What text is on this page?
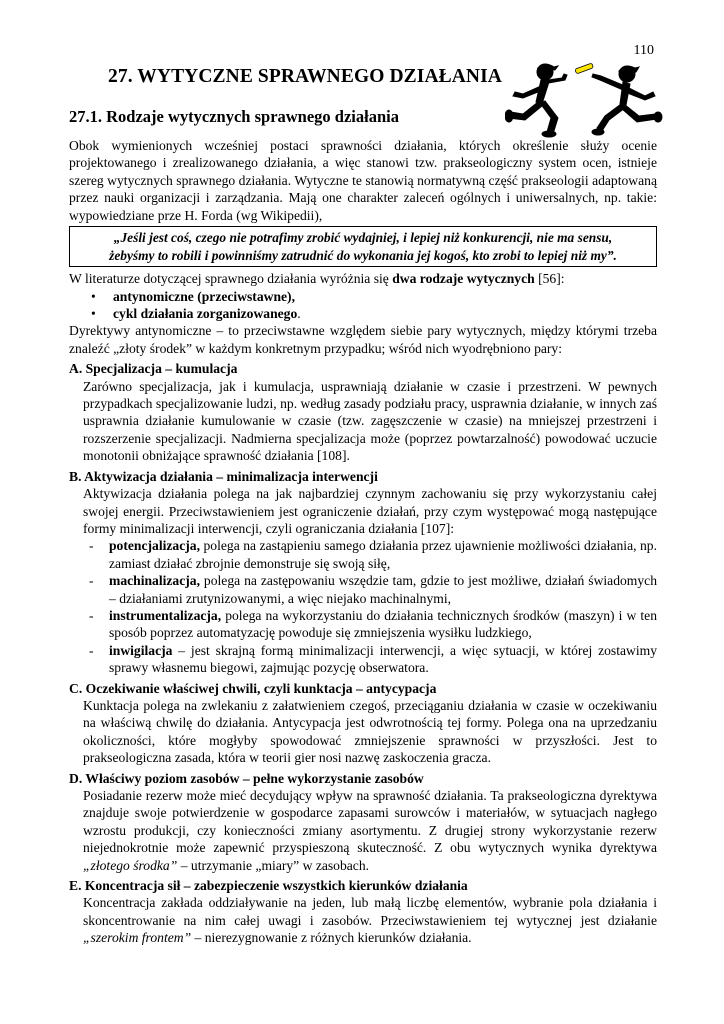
110
27. WYTYCZNE SPRAWNEGO DZIAŁANIA
27.1. Rodzaje wytycznych sprawnego działania

Obok wymienionych wcześniej postaci sprawności działania, których określenie służy ocenie projektowanego i zrealizowanego działania, a więc stanowi tzw. prakseologiczny system ocen, istnieje szereg wytycznych sprawnego działania. Wytyczne te stanowią normatywną część prakseologii adaptowaną przez nauki organizacji i zarządzania. Mają one charakter zaleceń ogólnych i uniwersalnych, np. takie: wypowiedziane prze H. Forda (wg Wikipedii),

„Jeśli jest coś, czego nie potrafimy zrobić wydajniej, i lepiej niż konkurencji, nie ma sensu,
żebyśmy to robili i powinniśmy zatrudnić do wykonania jej kogoś, kto zrobi to lepiej niż my”.

W literaturze dotyczącej sprawnego działania wyróżnia się dwa rodzaje wytycznych [56]:

• antynomiczne (przeciwstawne),
• cykl działania zorganizowanego.

Dyrektywy antynomiczne – to przeciwstawne względem siebie pary wytycznych, między którymi trzeba znaleźć „złoty środek” w każdym konkretnym przypadku; wśród nich wyodrębniono pary:

A. Specjalizacja – kumulacja

Zarówno specjalizacja, jak i kumulacja, usprawniają działanie w czasie i przestrzeni. W pewnych przypadkach specjalizowanie ludzi, np. według zasady podziału pracy, usprawnia działanie, w innych zaś usprawnia działanie kumulowanie w czasie (tzw. zagęszczenie w czasie) na mniejszej przestrzeni i rozszerzenie specjalizacji. Nadmierna specjalizacja może (poprzez powtarzalność) powodować uczucie monotonii obniżające sprawność działania [108].

B. Aktywizacja działania – minimalizacja interwencji

Aktywizacja działania polega na jak najbardziej czynnym zachowaniu się przy wykorzystaniu całej swojej energii. Przeciwstawieniem jest ograniczenie działań, przy czym występować mogą następujące formy minimalizacji interwencji, czyli ograniczania działania [107]:

- potencjalizacja, polega na zastąpieniu samego działania przez ujawnienie możliwości działania, np. zamiast działać zbrojnie demonstruje się swoją siłę,
- machinalizacja, polega na zastępowaniu wszędzie tam, gdzie to jest możliwe, działań świadomych – działaniami zrutynizowanymi, a więc niejako machinalnymi,
- instrumentalizacja, polega na wykorzystaniu do działania technicznych środków (maszyn) i w ten sposób poprzez automatyzację powoduje się zmniejszenia wysiłku ludzkiego,
- inwigilacja – jest skrajną formą minimalizacji interwencji, a więc sytuacji, w której zostawimy sprawy własnemu biegowi, zajmując pozycję obserwatora.
C. Oczekiwanie właściwej chwili, czyli kunktacja – antycypacja

Kunktacja polega na zwlekaniu z załatwieniem czegoś, przeciąganiu działania w czasie w oczekiwaniu na właściwą chwilę do działania. Antycypacja jest odwrotnością tej formy. Polega ona na uprzedzaniu okoliczności, które mogłyby spowodować zmniejszenie sprawności w przyszłości. Jest to prakseologiczna zasada, która w teorii gier nosi nazwę zaskoczenia gracza.

D. Właściwy poziom zasobów – pełne wykorzystanie zasobów

Posiadanie rezerw może mieć decydujący wpływ na sprawność działania. Ta prakseologiczna dyrektywa znajduje swoje potwierdzenie w gospodarce zapasami surowców i materiałów, w sytuacjach nagłego wzrostu produkcji, czy konieczności zmiany asortymentu. Z drugiej strony wykorzystanie rezerw niejednokrotnie może zapewnić przyspieszoną skuteczność. Z obu wytycznych wynika dyrektywa „złotego środka” – utrzymanie „miary” w zasobach.

E. Koncentracja sił – zabezpieczenie wszystkich kierunków działania

Koncentracja zakłada oddziaływanie na jeden, lub małą liczbę elementów, wybranie pola działania i skoncentrowanie na nim całej uwagi i zasobów. Przeciwstawieniem tej wytycznej jest działanie „szerokim frontem” – nierezygnowanie z różnych kierunków działania.
